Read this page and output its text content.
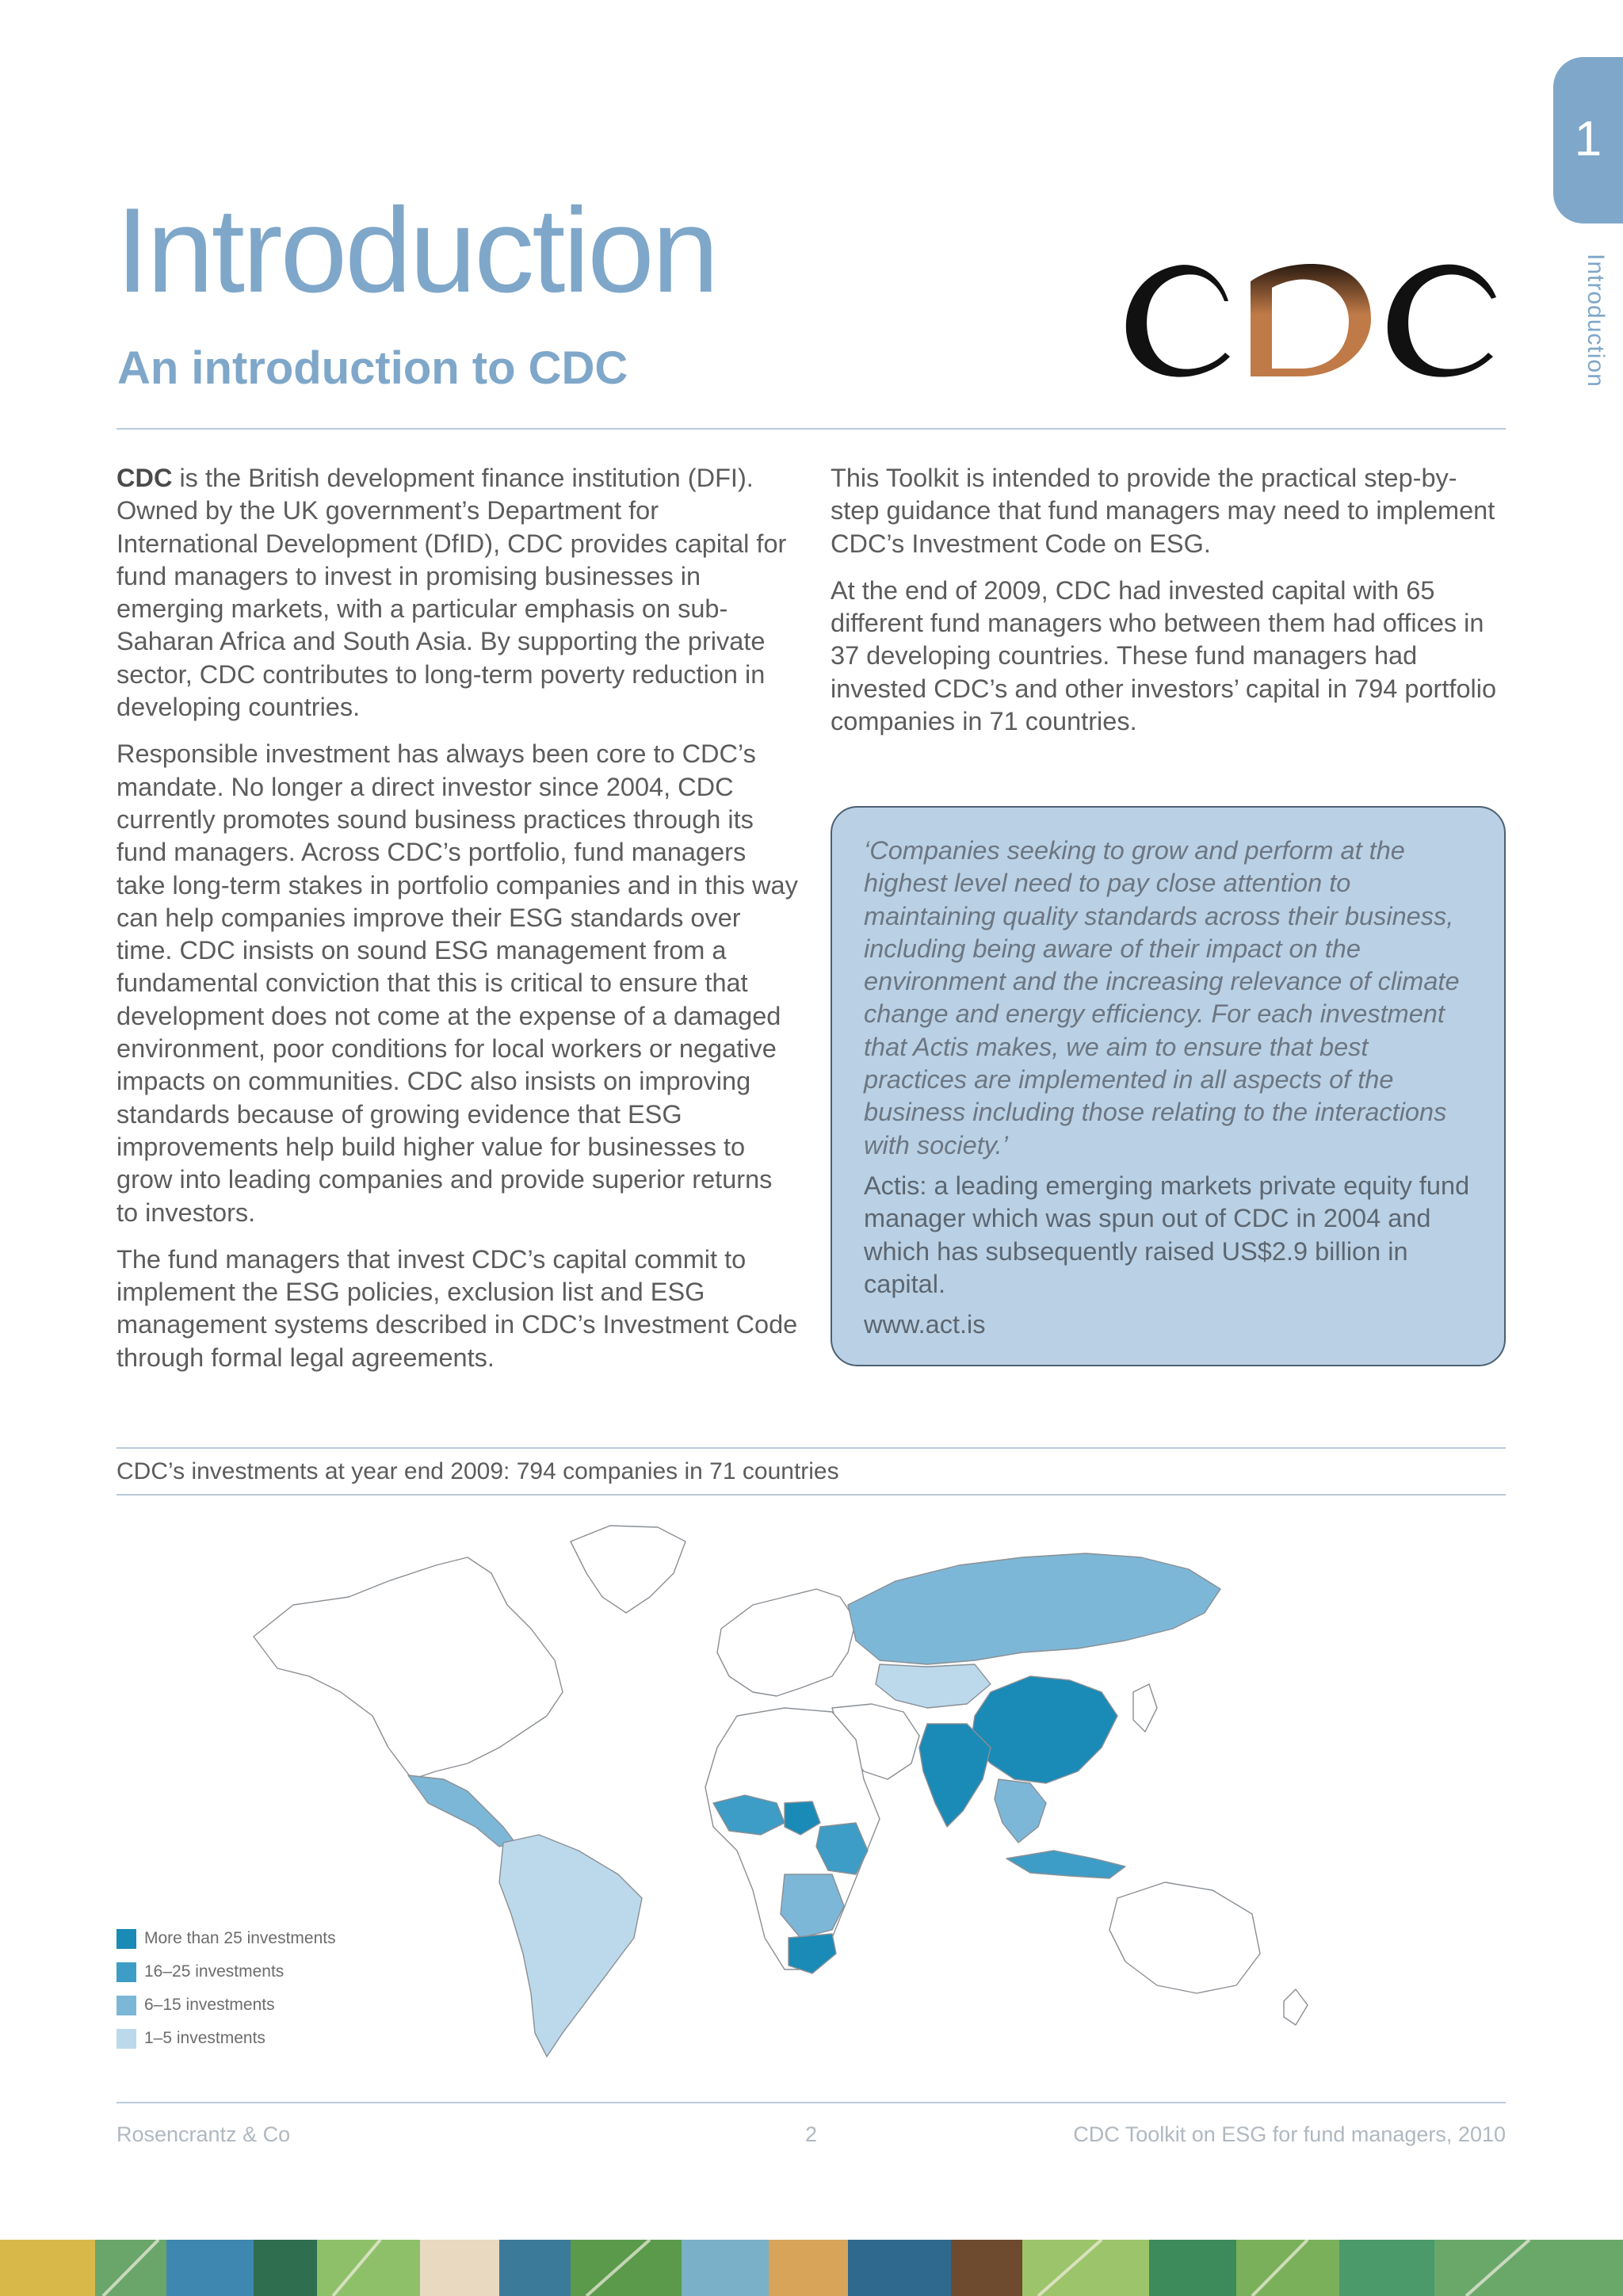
1
Introduction
Introduction
An introduction to CDC

CDC is the British development finance institution (DFI). Owned by the UK government’s Department for International Development (DfID), CDC provides capital for fund managers to invest in promising businesses in emerging markets, with a particular emphasis on sub-Saharan Africa and South Asia. By supporting the private sector, CDC contributes to long-term poverty reduction in developing countries.

Responsible investment has always been core to CDC’s mandate. No longer a direct investor since 2004, CDC currently promotes sound business practices through its fund managers. Across CDC’s portfolio, fund managers take long-term stakes in portfolio companies and in this way can help companies improve their ESG standards over time. CDC insists on sound ESG management from a fundamental conviction that this is critical to ensure that development does not come at the expense of a damaged environment, poor conditions for local workers or negative impacts on communities. CDC also insists on improving standards because of growing evidence that ESG improvements help build higher value for businesses to grow into leading companies and provide superior returns to investors.

The fund managers that invest CDC’s capital commit to implement the ESG policies, exclusion list and ESG management systems described in CDC’s Investment Code through formal legal agreements.

This Toolkit is intended to provide the practical step-by-step guidance that fund managers may need to implement CDC’s Investment Code on ESG.

At the end of 2009, CDC had invested capital with 65 different fund managers who between them had offices in 37 developing countries. These fund managers had invested CDC’s and other investors’ capital in 794 portfolio companies in 71 countries.

‘Companies seeking to grow and perform at the highest level need to pay close attention to maintaining quality standards across their business, including being aware of their impact on the environment and the increasing relevance of climate change and energy efficiency. For each investment that Actis makes, we aim to ensure that best practices are implemented in all aspects of the business including those relating to the interactions with society.’

Actis: a leading emerging markets private equity fund manager which was spun out of CDC in 2004 and which has subsequently raised US$2.9 billion in capital.

www.act.is

CDC’s investments at year end 2009: 794 companies in 71 countries
More than 25 investments
16–25 investments
6–15 investments
1–5 investments
Rosencrantz & Co	2	CDC Toolkit on ESG for fund managers, 2010
